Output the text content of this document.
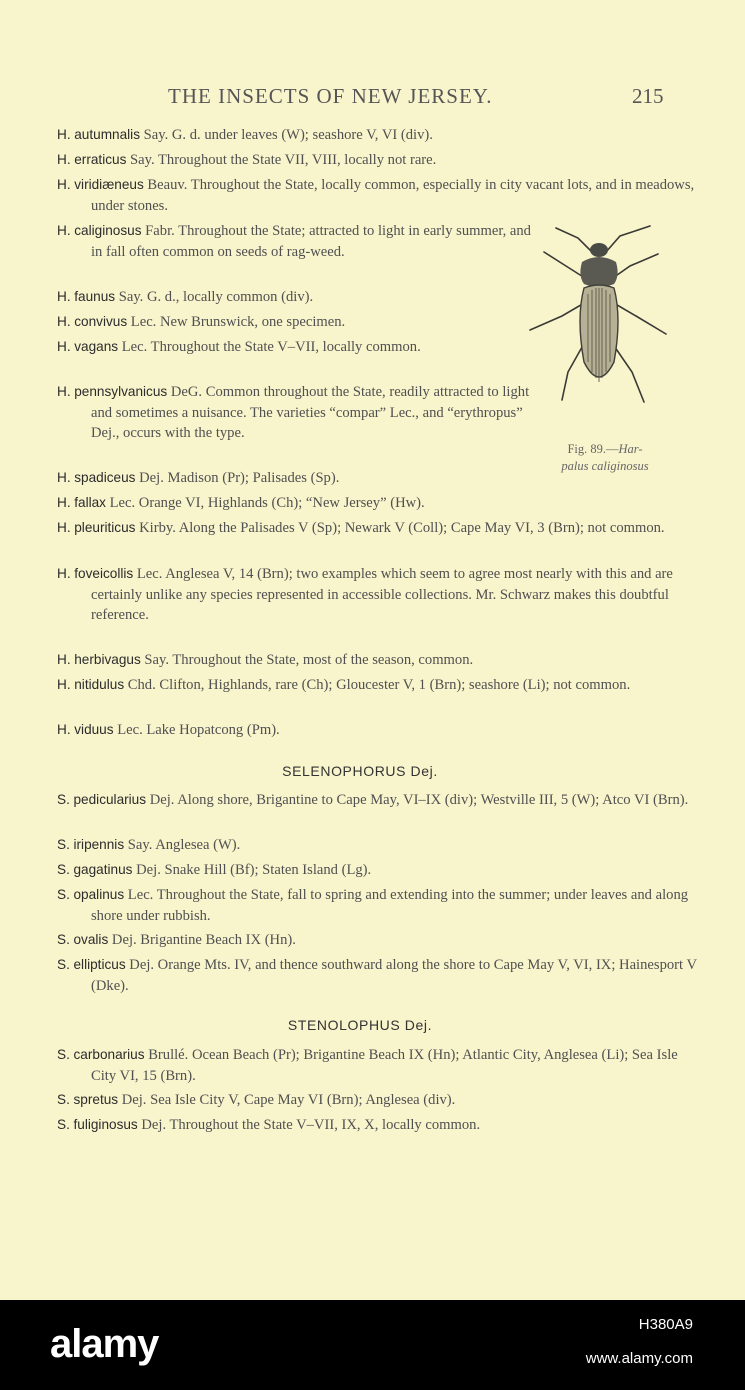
THE INSECTS OF NEW JERSEY.	215
H. autumnalis Say. G. d. under leaves (W); seashore V, VI (div).
H. erraticus Say. Throughout the State VII, VIII, locally not rare.
H. viridiæneus Beauv. Throughout the State, locally common, especially in city vacant lots, and in meadows, under stones.
H. caliginosus Fabr. Throughout the State; attracted to light in early summer, and in fall often common on seeds of rag-weed.
H. faunus Say. G. d., locally common (div).
H. convivus Lec. New Brunswick, one specimen.
H. vagans Lec. Throughout the State V–VII, locally common.
H. pennsylvanicus DeG. Common throughout the State, readily attracted to light and sometimes a nuisance. The varieties “compar” Lec., and “erythropus” Dej., occurs with the type.
H. spadiceus Dej. Madison (Pr); Palisades (Sp).
H. fallax Lec. Orange VI, Highlands (Ch); “New Jersey” (Hw).
H. pleuriticus Kirby. Along the Palisades V (Sp); Newark V (Coll); Cape May VI, 3 (Brn); not common.
H. foveicollis Lec. Anglesea V, 14 (Brn); two examples which seem to agree most nearly with this and are certainly unlike any species represented in accessible collections. Mr. Schwarz makes this doubtful reference.
H. herbivagus Say. Throughout the State, most of the season, common.
H. nitidulus Chd. Clifton, Highlands, rare (Ch); Gloucester V, 1 (Brn); seashore (Li); not common.
H. viduus Lec. Lake Hopatcong (Pm).
SELENOPHORUS Dej.
S. pedicularius Dej. Along shore, Brigantine to Cape May, VI–IX (div); Westville III, 5 (W); Atco VI (Brn).
S. iripennis Say. Anglesea (W).
S. gagatinus Dej. Snake Hill (Bf); Staten Island (Lg).
S. opalinus Lec. Throughout the State, fall to spring and extending into the summer; under leaves and along shore under rubbish.
S. ovalis Dej. Brigantine Beach IX (Hn).
S. ellipticus Dej. Orange Mts. IV, and thence southward along the shore to Cape May V, VI, IX; Hainesport V (Dke).
STENOLOPHUS Dej.
S. carbonarius Brullé. Ocean Beach (Pr); Brigantine Beach IX (Hn); Atlantic City, Anglesea (Li); Sea Isle City VI, 15 (Brn).
S. spretus Dej. Sea Isle City V, Cape May VI (Brn); Anglesea (div).
S. fuliginosus Dej. Throughout the State V–VII, IX, X, locally common.
Fig. 89.—Har-
palus caliginosus
alamy	H380A9
www.alamy.com
